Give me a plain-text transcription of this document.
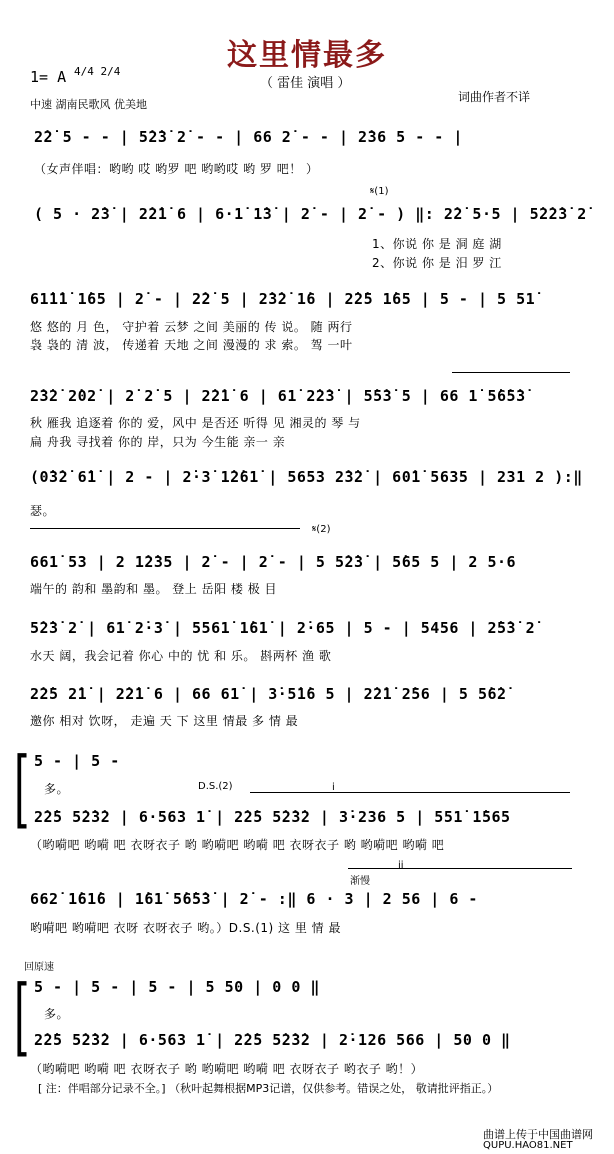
这里情最多
1= A 4/4 2/4
中速 湖南民歌风 优美地
（ 雷佳 演唱 ）
词曲作者不详
2̇2̇ 5 - - | 5̇2̇3̇ 2̇ - - | 66 2̇ - - | 2̇36 5 - - |
（女声伴唱：哟哟 哎 哟罗 吧 哟哟哎 哟 罗 吧！ ）
𝄋(1)
( 5 · 2̇3̇ | 2̇2̇1̇ 6 | 6·1̇ 1̇3̇ | 2̇ - | 2̇ - ) ‖: 2̇2̇ 5·5 | 5̇2̇2̇3̇ 2̇
1、你说 你 是 洞 庭 湖
2、你说 你 是 汨 罗 江
61̇1̇1̇ 1̇65 | 2̇ - | 2̇2̇ 5 | 2̇3̇2̇ 1̇6 | 2̇2̇5 1̇65 | 5 - | 5 51̇
悠 悠的 月 色， 守护着 云梦 之间 美丽的 传 说。 随 两行
袅 袅的 清 波， 传递着 天地 之间 漫漫的 求 索。 驾 一叶
2̇3̇2̇ 2̇02̇ | 2̇ 2̇ 5 | 2̇2̇1̇ 6 | 61̇ 2̇2̇3̇ | 5̇5̇3̇ 5 | 66 1̇ 5̇6̇5̇3̇
秋 雁我 追逐着 你的 爱，风中 是否还 听得 见 湘灵的 琴 与
扁 舟我 寻找着 你的 岸，只为 今生能 亲一 亲
(0̇3̇2̇ 6̇1̇ | 2 - | 2̇·3̇ 1̇2̇61̇ | 5653 2̇3̇2̇ | 60̇1̇ 5635 | 231 2 ):‖
瑟。
𝄋(2)
661̇ 53 | 2 1̇2̇35 | 2̇ - | 2̇ - | 5 5̇2̇3̇ | 5̇65 5 | 2 5·6
端午的 韵和 墨韵和 墨。 登上 岳阳 楼 极 目
5̇2̇3̇ 2̇ | 61̇ 2̇·3̇ | 5561̇ 1̇61̇ | 2̇·65 | 5 - | 5456 | 2̇5̇3̇ 2̇
水天 阔，我会记着 你心 中的 忧 和 乐。 斟两杯 渔 歌
2̇2̇5 2̇1̇ | 2̇2̇1̇ 6 | 66 61̇ | 3̇·5̇1̇6 5 | 2̇2̇1̇ 2̇56 | 5 5̇6̇2̇
邀你 相对 饮呀， 走遍 天 下 这里 情最 多 情 最
[ 5 - | 5 -
多。	D.S.(2)	i
2̇2̇5 5̇2̇3̇2 | 6·563 1̇ | 2̇2̇5 5̇2̇3̇2 | 3̇·236 5 | 551̇ 1̇565
（哟嗬吧 哟嗬 吧 衣呀衣子 哟 哟嗬吧 哟嗬 吧 衣呀衣子 哟 哟嗬吧 哟嗬 吧
ii
渐慢
662̇ 1̇61̇6 | 1̇61̇ 5̇6̇5̇3̇ | 2̇ - :‖ 6 · 3 | 2 56 | 6 -
哟嗬吧 哟嗬吧 衣呀 衣呀衣子 哟。）D.S.(1) 这 里 情 最
回原速
[ 5 - | 5 - | 5 - | 5 50 | 0 0 ‖
多。
2̇2̇5 5̇2̇3̇2 | 6·563 1̇ | 2̇2̇5 5̇2̇3̇2 | 2̇·126 566 | 50 0 ‖
（哟嗬吧 哟嗬 吧 衣呀衣子 哟 哟嗬吧 哟嗬 吧 衣呀衣子 哟衣子 哟！）
[ 注：伴唱部分记录不全。] （秋叶起舞根据MP3记谱，仅供参考。错误之处， 敬请批评指正。）
曲谱上传于中国曲谱网
QUPU.HAO81.NET
